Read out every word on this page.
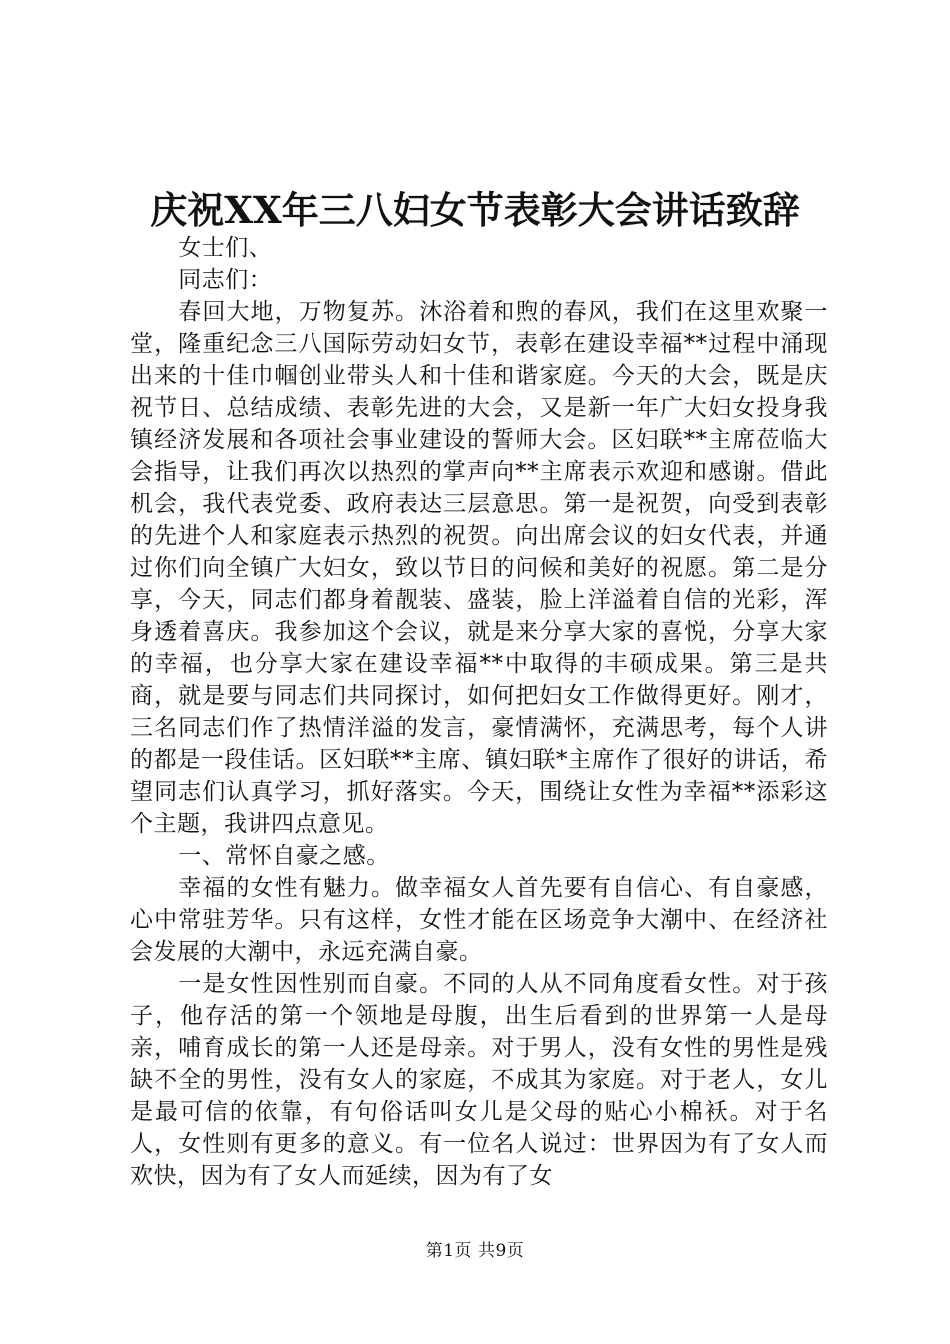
庆祝XX年三八妇女节表彰大会讲话致辞

女士们、

同志们：

春回大地，万物复苏。沐浴着和煦的春风，我们在这里欢聚一堂，隆重纪念三八国际劳动妇女节，表彰在建设幸福**过程中涌现出来的十佳巾帼创业带头人和十佳和谐家庭。今天的大会，既是庆祝节日、总结成绩、表彰先进的大会，又是新一年广大妇女投身我镇经济发展和各项社会事业建设的誓师大会。区妇联**主席莅临大会指导，让我们再次以热烈的掌声向**主席表示欢迎和感谢。借此机会，我代表党委、政府表达三层意思。第一是祝贺，向受到表彰的先进个人和家庭表示热烈的祝贺。向出席会议的妇女代表，并通过你们向全镇广大妇女，致以节日的问候和美好的祝愿。第二是分享，今天，同志们都身着靓装、盛装，脸上洋溢着自信的光彩，浑身透着喜庆。我参加这个会议，就是来分享大家的喜悦，分享大家的幸福，也分享大家在建设幸福**中取得的丰硕成果。第三是共商，就是要与同志们共同探讨，如何把妇女工作做得更好。刚才，三名同志们作了热情洋溢的发言，豪情满怀，充满思考，每个人讲的都是一段佳话。区妇联**主席、镇妇联*主席作了很好的讲话，希望同志们认真学习，抓好落实。今天，围绕让女性为幸福**添彩这个主题，我讲四点意见。

一、常怀自豪之感。

幸福的女性有魅力。做幸福女人首先要有自信心、有自豪感，心中常驻芳华。只有这样，女性才能在区场竞争大潮中、在经济社会发展的大潮中，永远充满自豪。

一是女性因性别而自豪。不同的人从不同角度看女性。对于孩子，他存活的第一个领地是母腹，出生后看到的世界第一人是母亲，哺育成长的第一人还是母亲。对于男人，没有女性的男性是残缺不全的男性，没有女人的家庭，不成其为家庭。对于老人，女儿是最可信的依靠，有句俗话叫女儿是父母的贴心小棉袄。对于名人，女性则有更多的意义。有一位名人说过：世界因为有了女人而欢快，因为有了女人而延续，因为有了女

第1页 共9页
